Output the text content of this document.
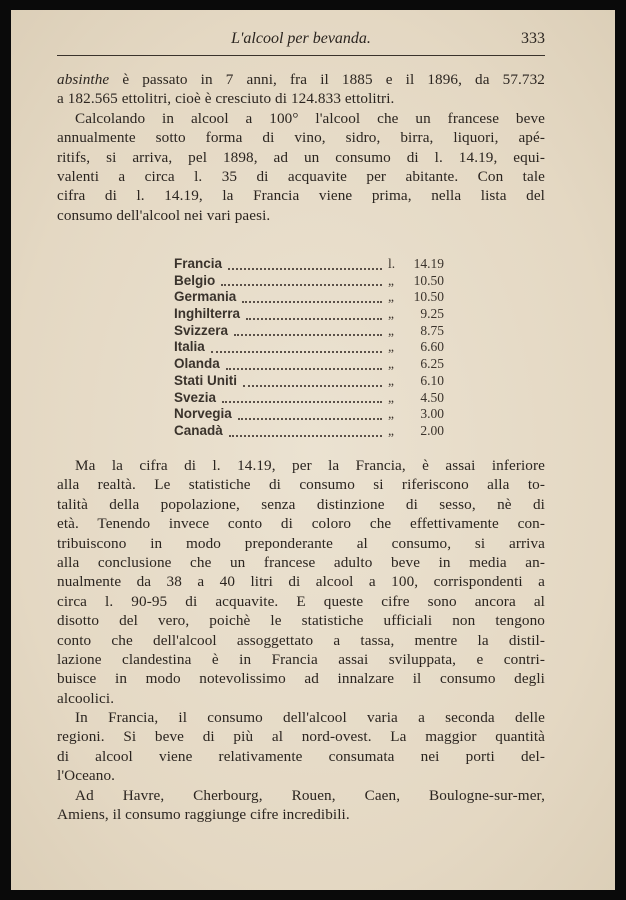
L'alcool per bevanda.	333
absinthe è passato in 7 anni, fra il 1885 e il 1896, da 57.732
a 182.565 ettolitri, cioè è cresciuto di 124.833 ettolitri.
Calcolando in alcool a 100° l'alcool che un francese beve
annualmente sotto forma di vino, sidro, birra, liquori, apé-
ritifs, si arriva, pel 1898, ad un consumo di l. 14.19, equi-
valenti a circa l. 35 di acquavite per abitante. Con tale
cifra di l. 14.19, la Francia viene prima, nella lista del
consumo dell'alcool nei vari paesi.
Francia	l.	14.19
Belgio	„	10.50
Germania	„	10.50
Inghilterra	„	9.25
Svizzera	„	8.75
Italia	„	6.60
Olanda	„	6.25
Stati Uniti	„	6.10
Svezia	„	4.50
Norvegia	„	3.00
Canadà	„	2.00
Ma la cifra di l. 14.19, per la Francia, è assai inferiore
alla realtà. Le statistiche di consumo si riferiscono alla to-
talità della popolazione, senza distinzione di sesso, nè di
età. Tenendo invece conto di coloro che effettivamente con-
tribuiscono in modo preponderante al consumo, si arriva
alla conclusione che un francese adulto beve in media an-
nualmente da 38 a 40 litri di alcool a 100, corrispondenti a
circa l. 90-95 di acquavite. E queste cifre sono ancora al
disotto del vero, poichè le statistiche ufficiali non tengono
conto che dell'alcool assoggettato a tassa, mentre la distil-
lazione clandestina è in Francia assai sviluppata, e contri-
buisce in modo notevolissimo ad innalzare il consumo degli
alcoolici.
In Francia, il consumo dell'alcool varia a seconda delle
regioni. Si beve di più al nord-ovest. La maggior quantità
di alcool viene relativamente consumata nei porti del-
l'Oceano.
Ad Havre, Cherbourg, Rouen, Caen, Boulogne-sur-mer,
Amiens, il consumo raggiunge cifre incredibili.
